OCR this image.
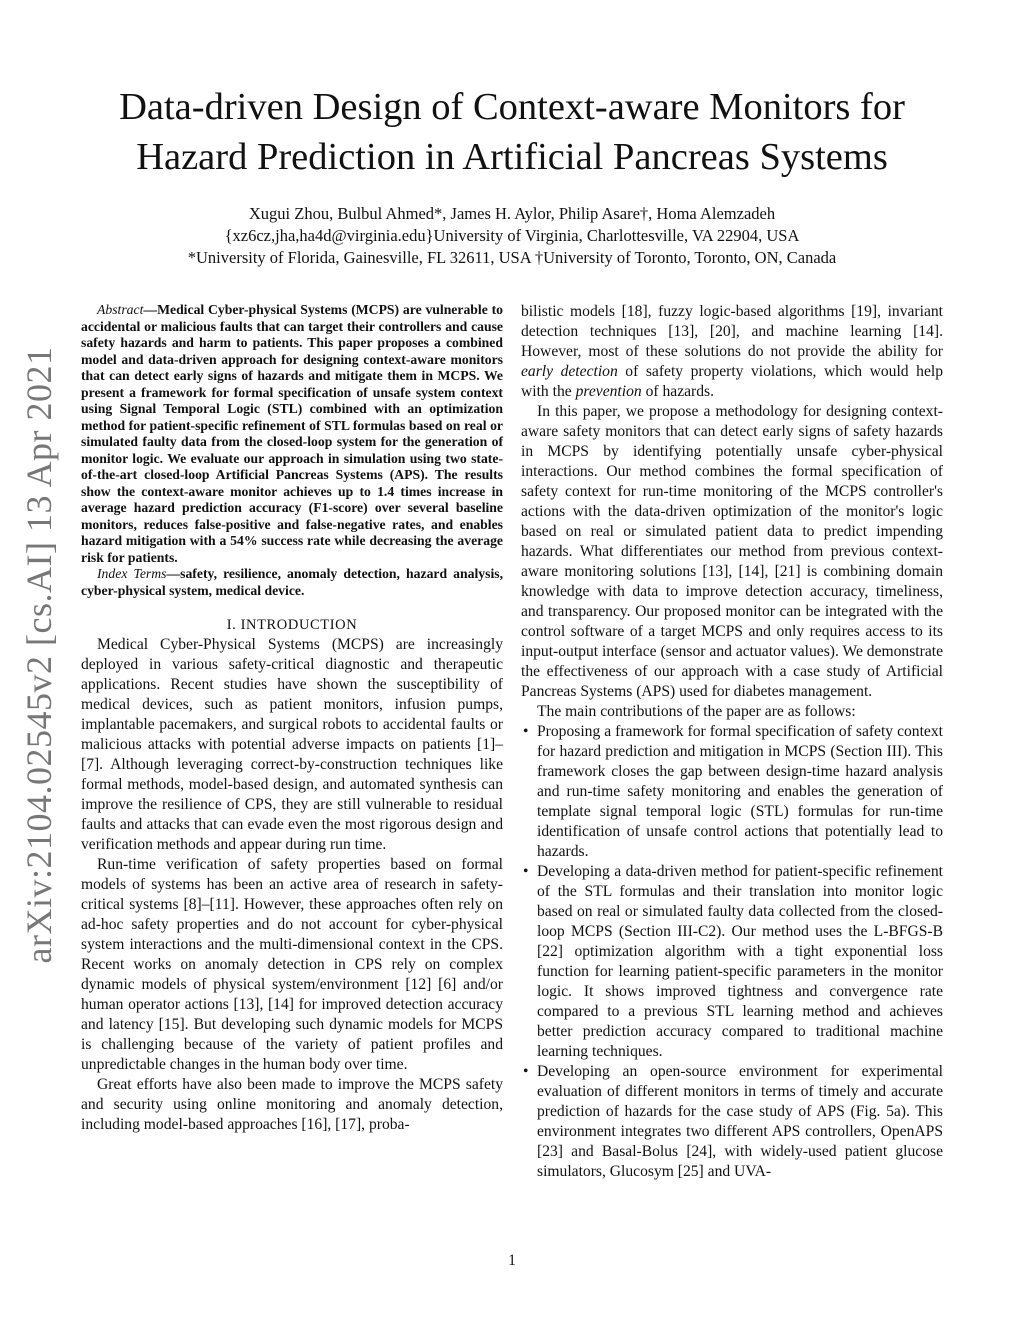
arXiv:2104.02545v2 [cs.AI] 13 Apr 2021
Data-driven Design of Context-aware Monitors for
Hazard Prediction in Artificial Pancreas Systems
Xugui Zhou, Bulbul Ahmed*, James H. Aylor, Philip Asare†, Homa Alemzadeh
{xz6cz,jha,ha4d@virginia.edu}University of Virginia, Charlottesville, VA 22904, USA
*University of Florida, Gainesville, FL 32611, USA †University of Toronto, Toronto, ON, Canada

Abstract—Medical Cyber-physical Systems (MCPS) are vulnerable to accidental or malicious faults that can target their controllers and cause safety hazards and harm to patients. This paper proposes a combined model and data-driven approach for designing context-aware monitors that can detect early signs of hazards and mitigate them in MCPS. We present a framework for formal specification of unsafe system context using Signal Temporal Logic (STL) combined with an optimization method for patient-specific refinement of STL formulas based on real or simulated faulty data from the closed-loop system for the generation of monitor logic. We evaluate our approach in simulation using two state-of-the-art closed-loop Artificial Pancreas Systems (APS). The results show the context-aware monitor achieves up to 1.4 times increase in average hazard prediction accuracy (F1-score) over several baseline monitors, reduces false-positive and false-negative rates, and enables hazard mitigation with a 54% success rate while decreasing the average risk for patients.

Index Terms—safety, resilience, anomaly detection, hazard analysis, cyber-physical system, medical device.

I. INTRODUCTION

Medical Cyber-Physical Systems (MCPS) are increasingly deployed in various safety-critical diagnostic and therapeutic applications. Recent studies have shown the susceptibility of medical devices, such as patient monitors, infusion pumps, implantable pacemakers, and surgical robots to accidental faults or malicious attacks with potential adverse impacts on patients [1]–[7]. Although leveraging correct-by-construction techniques like formal methods, model-based design, and automated synthesis can improve the resilience of CPS, they are still vulnerable to residual faults and attacks that can evade even the most rigorous design and verification methods and appear during run time.

Run-time verification of safety properties based on formal models of systems has been an active area of research in safety-critical systems [8]–[11]. However, these approaches often rely on ad-hoc safety properties and do not account for cyber-physical system interactions and the multi-dimensional context in the CPS. Recent works on anomaly detection in CPS rely on complex dynamic models of physical system/environment [12] [6] and/or human operator actions [13], [14] for improved detection accuracy and latency [15]. But developing such dynamic models for MCPS is challenging because of the variety of patient profiles and unpredictable changes in the human body over time.

Great efforts have also been made to improve the MCPS safety and security using online monitoring and anomaly detection, including model-based approaches [16], [17], proba-

bilistic models [18], fuzzy logic-based algorithms [19], invariant detection techniques [13], [20], and machine learning [14]. However, most of these solutions do not provide the ability for early detection of safety property violations, which would help with the prevention of hazards.

In this paper, we propose a methodology for designing context-aware safety monitors that can detect early signs of safety hazards in MCPS by identifying potentially unsafe cyber-physical interactions. Our method combines the formal specification of safety context for run-time monitoring of the MCPS controller's actions with the data-driven optimization of the monitor's logic based on real or simulated patient data to predict impending hazards. What differentiates our method from previous context-aware monitoring solutions [13], [14], [21] is combining domain knowledge with data to improve detection accuracy, timeliness, and transparency. Our proposed monitor can be integrated with the control software of a target MCPS and only requires access to its input-output interface (sensor and actuator values). We demonstrate the effectiveness of our approach with a case study of Artificial Pancreas Systems (APS) used for diabetes management.

The main contributions of the paper are as follows:

• Proposing a framework for formal specification of safety context for hazard prediction and mitigation in MCPS (Section III). This framework closes the gap between design-time hazard analysis and run-time safety monitoring and enables the generation of template signal temporal logic (STL) formulas for run-time identification of unsafe control actions that potentially lead to hazards.
• Developing a data-driven method for patient-specific refinement of the STL formulas and their translation into monitor logic based on real or simulated faulty data collected from the closed-loop MCPS (Section III-C2). Our method uses the L-BFGS-B [22] optimization algorithm with a tight exponential loss function for learning patient-specific parameters in the monitor logic. It shows improved tightness and convergence rate compared to a previous STL learning method and achieves better prediction accuracy compared to traditional machine learning techniques.
• Developing an open-source environment for experimental evaluation of different monitors in terms of timely and accurate prediction of hazards for the case study of APS (Fig. 5a). This environment integrates two different APS controllers, OpenAPS [23] and Basal-Bolus [24], with widely-used patient glucose simulators, Glucosym [25] and UVA-
1
